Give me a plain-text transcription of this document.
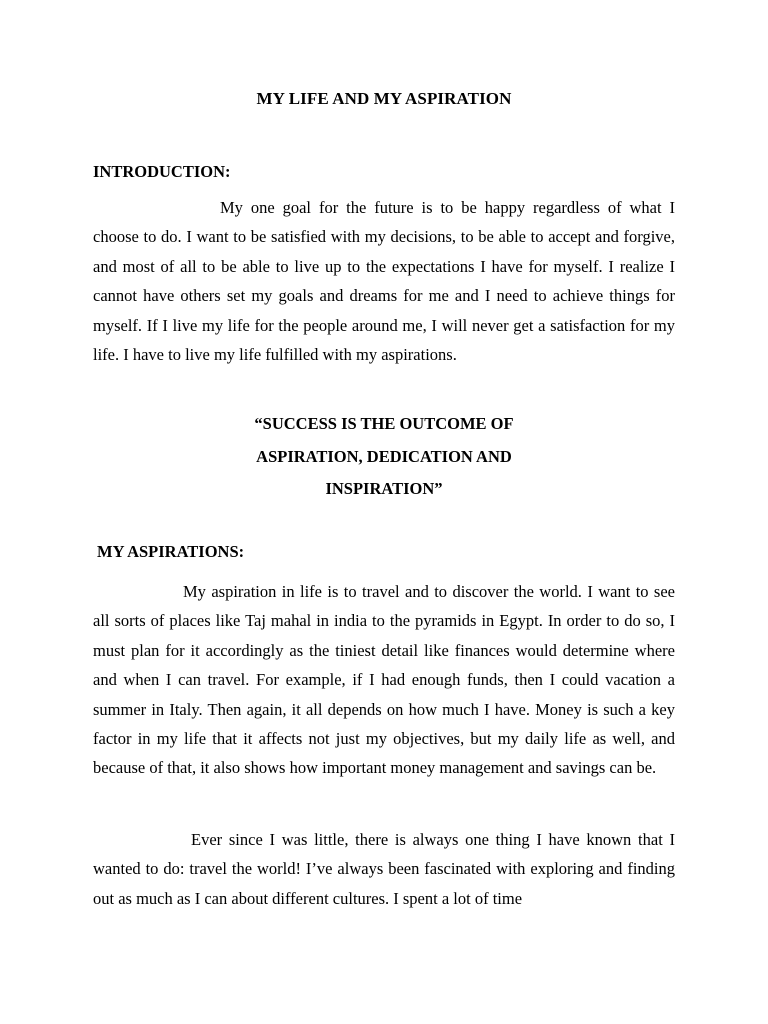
MY LIFE AND MY ASPIRATION
INTRODUCTION:

My one goal for the future is to be happy regardless of what I choose to do. I want to be satisfied with my decisions, to be able to accept and forgive, and most of all to be able to live up to the expectations I have for myself. I realize I cannot have others set my goals and dreams for me and I need to achieve things for myself. If I live my life for the people around me, I will never get a satisfaction for my life. I have to live my life fulfilled with my aspirations.

“SUCCESS IS THE OUTCOME OF

ASPIRATION, DEDICATION AND

INSPIRATION”

MY ASPIRATIONS:

My aspiration in life is to travel and to discover the world. I want to see all sorts of places like Taj mahal in india to the pyramids in Egypt. In order to do so, I must plan for it accordingly as the tiniest detail like finances would determine where and when I can travel. For example, if I had enough funds, then I could vacation a summer in Italy. Then again, it all depends on how much I have. Money is such a key factor in my life that it affects not just my objectives, but my daily life as well, and because of that, it also shows how important money management and savings can be.

Ever since I was little, there is always one thing I have known that I wanted to do: travel the world! I’ve always been fascinated with exploring and finding out as much as I can about different cultures. I spent a lot of time
